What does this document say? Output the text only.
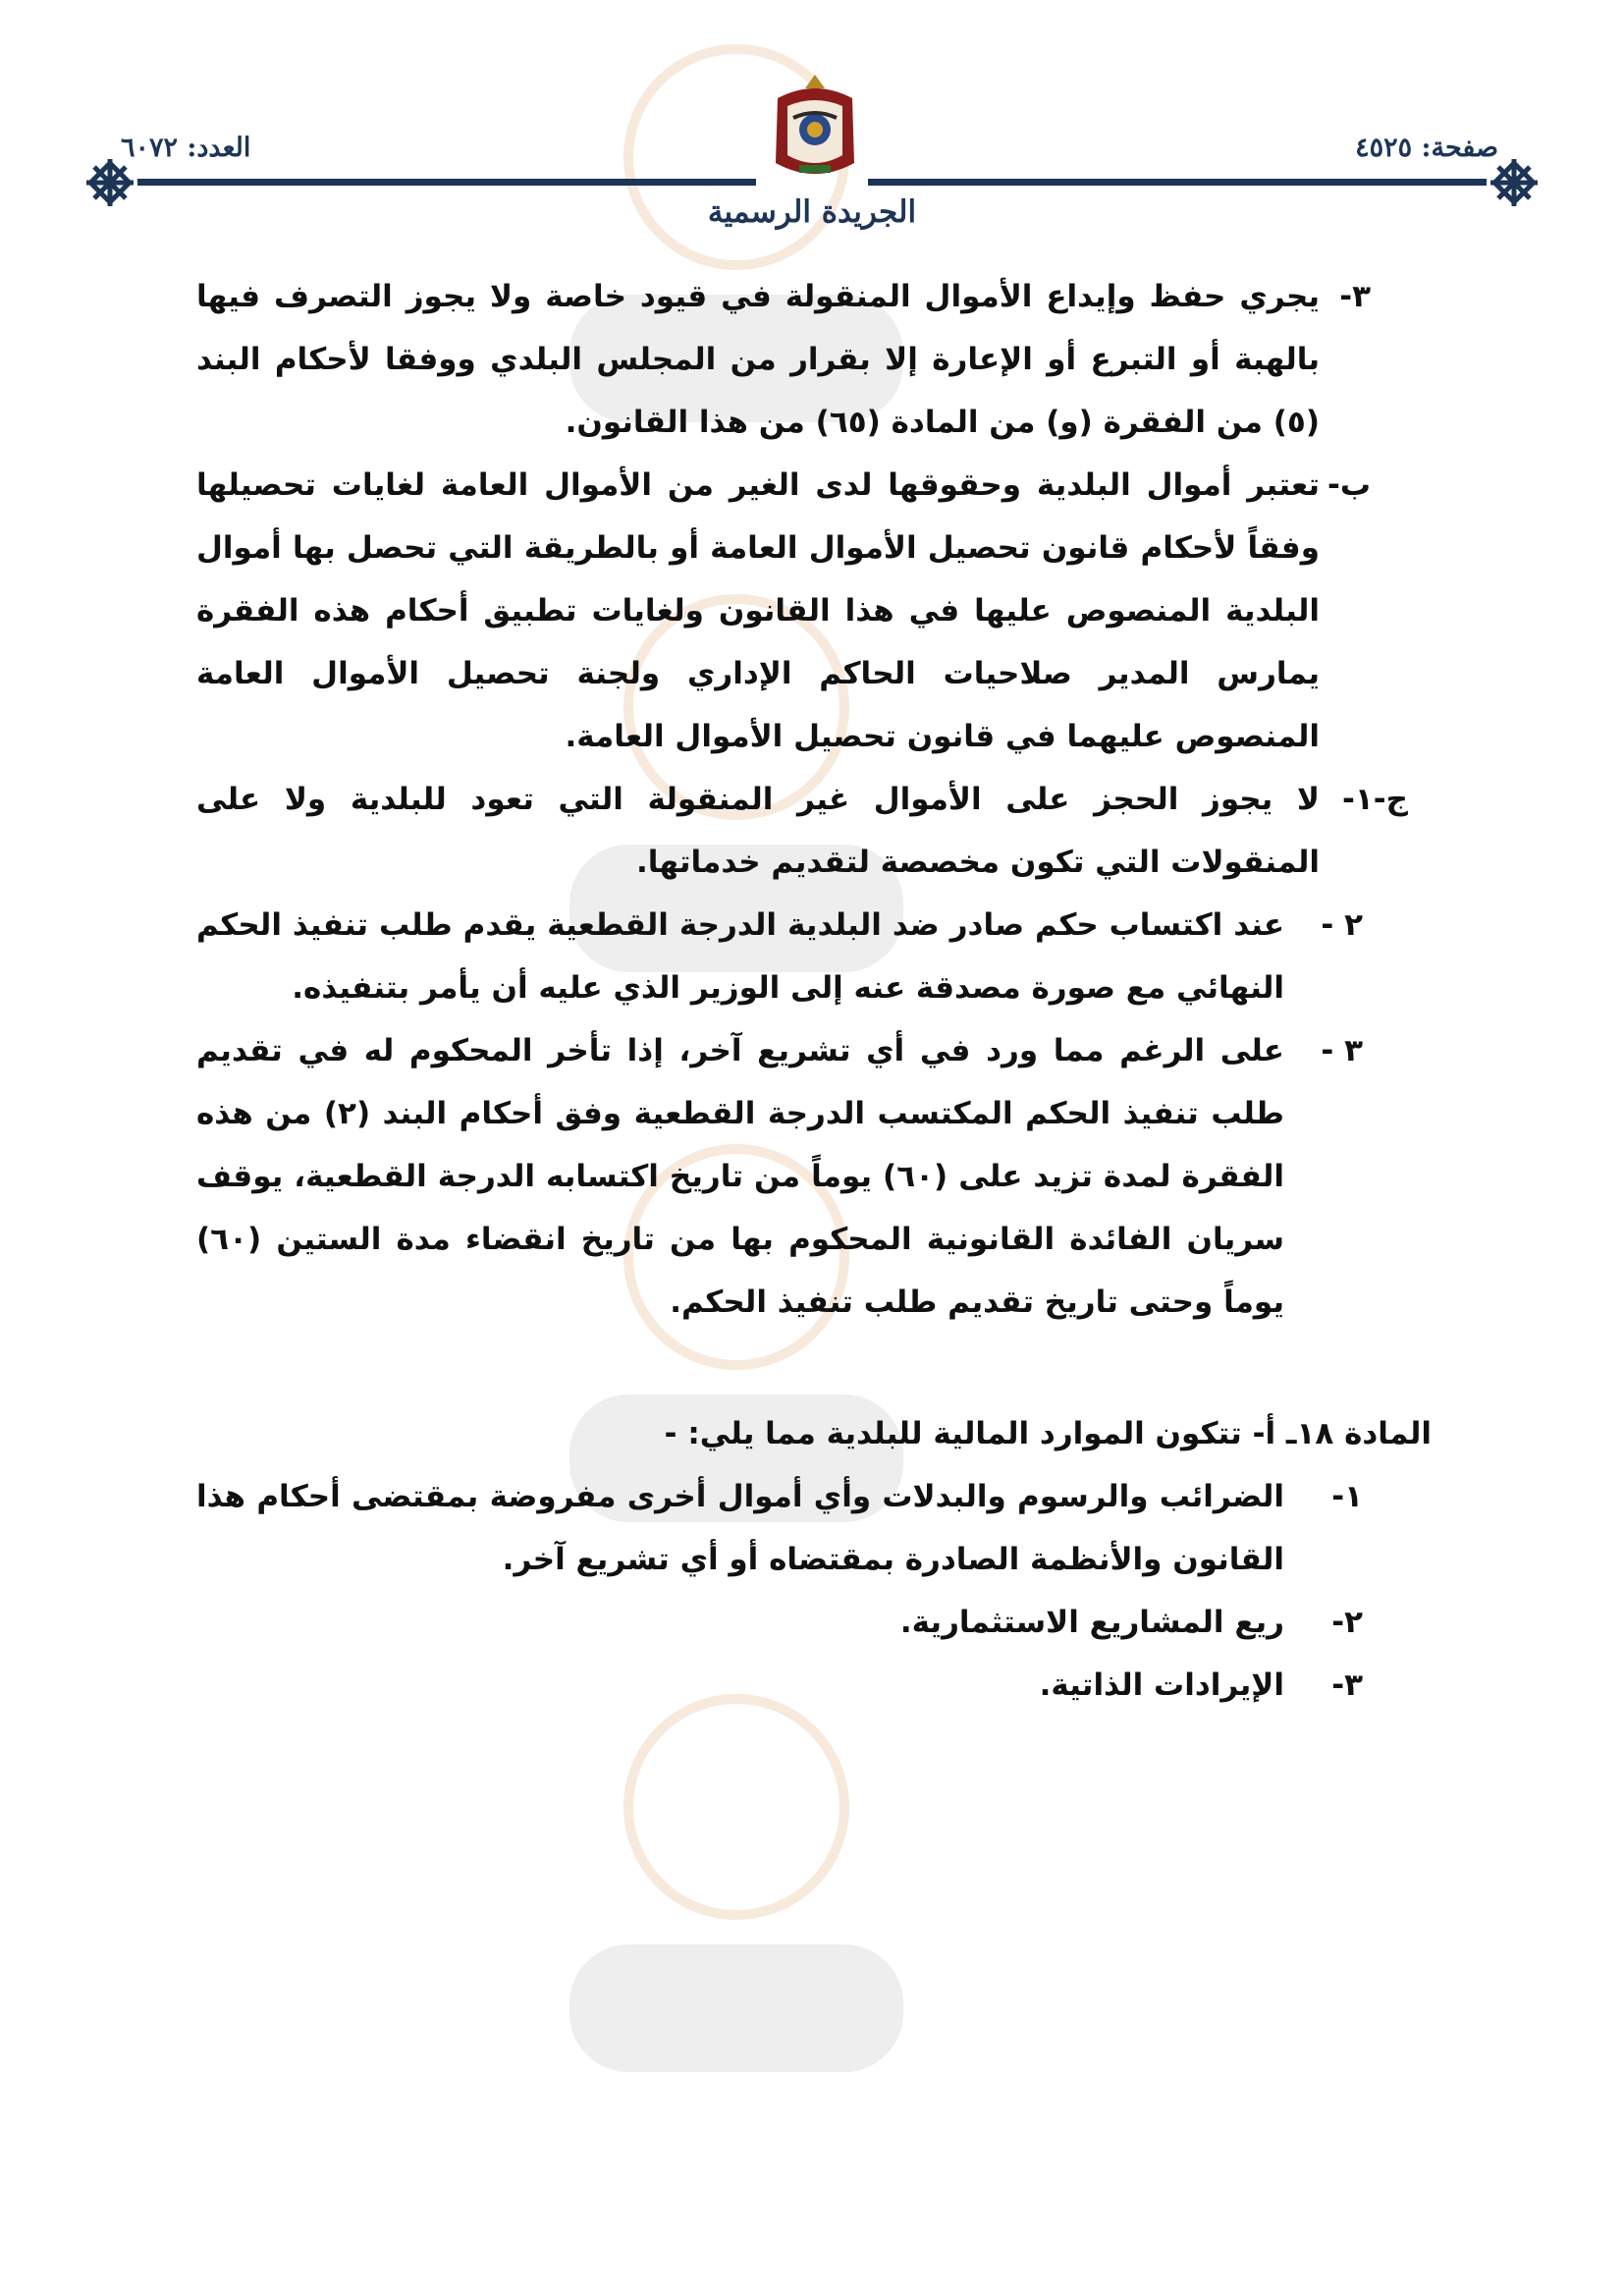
صفحة: ٤٥٢٥
العدد: ٦٠٧٢
الجريدة الرسمية
٣-
يجري حفظ وإيداع الأموال المنقولة في قيود خاصة ولا يجوز التصرف فيها بالهبة أو التبرع أو الإعارة إلا بقرار من المجلس البلدي ووفقا لأحكام البند (٥) من الفقرة (و) من المادة (٦٥) من هذا القانون.
ب-
تعتبر أموال البلدية وحقوقها لدى الغير من الأموال العامة لغايات تحصيلها وفقاً لأحكام قانون تحصيل الأموال العامة أو بالطريقة التي تحصل بها أموال البلدية المنصوص عليها في هذا القانون ولغايات تطبيق أحكام هذه الفقرة يمارس المدير صلاحيات الحاكم الإداري ولجنة تحصيل الأموال العامة المنصوص عليهما في قانون تحصيل الأموال العامة.
ج-١-
لا يجوز الحجز على الأموال غير المنقولة التي تعود للبلدية ولا على المنقولات التي تكون مخصصة لتقديم خدماتها.
٢ -
عند اكتساب حكم صادر ضد البلدية الدرجة القطعية يقدم طلب تنفيذ الحكم النهائي مع صورة مصدقة عنه إلى الوزير الذي عليه أن يأمر بتنفيذه.
٣ -
على الرغم مما ورد في أي تشريع آخر، إذا تأخر المحكوم له في تقديم طلب تنفيذ الحكم المكتسب الدرجة القطعية وفق أحكام البند (٢) من هذه الفقرة لمدة تزيد على (٦٠) يوماً من تاريخ اكتسابه الدرجة القطعية، يوقف سريان الفائدة القانونية المحكوم بها من تاريخ انقضاء مدة الستين (٦٠) يوماً وحتى تاريخ تقديم طلب تنفيذ الحكم.
المادة ١٨ـ أ- تتكون الموارد المالية للبلدية مما يلي: -
١-
الضرائب والرسوم والبدلات وأي أموال أخرى مفروضة بمقتضى أحكام هذا القانون والأنظمة الصادرة بمقتضاه أو أي تشريع آخر.
٢-
ريع المشاريع الاستثمارية.
٣-
الإيرادات الذاتية.
